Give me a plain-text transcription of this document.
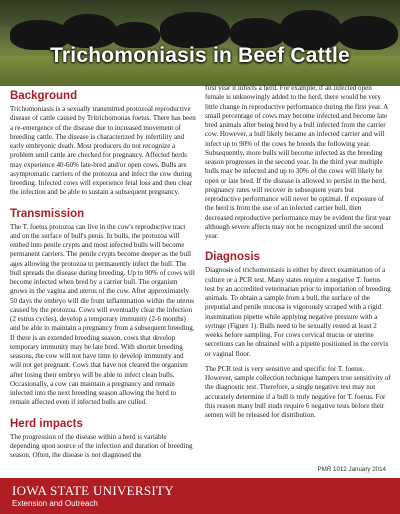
Trichomoniasis in Beef Cattle
Background

Trichomoniasis is a sexually transmitted protozoal reproductive disease of cattle caused by Tritrichomonas foetus. There has been a re-emergence of the disease due to increased movement of breeding cattle. The disease is characterized by infertility and early embryonic death. Most producers do not recognize a problem until cattle are checked for pregnancy. Affected herds may experience 40-60% late-bred and/or open cows. Bulls are asymptomatic carriers of the protozoa and infect the cow during breeding. Infected cows will experience fetal loss and then clear the infection and be able to sustain a subsequent pregnancy.

Transmission

The T. foetus protozoa can live in the cow's reproductive tract and on the surface of bull's penis. In bulls, the protozoa will embed into penile crypts and most infected bulls will become permanent carriers. The penile crypts become deeper as the bull ages allowing the protozoa to permanently infect the bull. The bull spreads the disease during breeding. Up to 90% of cows will become infected when bred by a carrier bull. The organism grows in the vagina and uterus of the cow. After approximately 50 days the embryo will die from inflammation within the uterus caused by the protozoa. Cows will eventually clear the infection (2 estrus cycles), develop a temporary immunity (2-6 months) and be able to maintain a pregnancy from a subsequent breeding. If there is an extended breeding season, cows that develop temporary immunity may be late bred. With shorter breeding seasons, the cow will not have time to develop immunity and will not get pregnant. Cows that have not cleared the organism after losing their embryo will be able to infect clean bulls. Occasionally, a cow can maintain a pregnancy and remain infected into the next breeding season allowing the herd to remain affected even if infected bulls are culled.

Herd impacts

The progression of the disease within a herd is variable depending upon source of the infection and duration of breeding season. Often, the disease is not diagnosed the

first year it infects a herd. For example, if an infected open female is unknowingly added to the herd, there would be very little change in reproductive performance during the first year. A small percentage of cows may become infected and become late bred animals after being bred by a bull infected from the carrier cow. However, a bull likely became an infected carrier and will infect up to 90% of the cows he breeds the following year. Subsequently, more bulls will become infected as the breeding season progresses in the second year. In the third year multiple bulls may be infected and up to 30% of the cows will likely be open or late bred. If the disease is allowed to persist in the herd, pregnancy rates will recover in subsequent years but reproductive performance will never be optimal. If exposure of the herd is from the use of an infected carrier bull, then decreased reproductive performance may be evident the first year although severe affects may not be recognized until the second year.

Diagnosis

Diagnosis of trichomoniasis is either by direct examination of a culture or a PCR test. Many states require a negative T. foetus test by an accredited veterinarian prior to importation of breeding animals. To obtain a sample from a bull, the surface of the preputial and penile mucosa is vigorously scraped with a rigid insemination pipette while applying negative pressure with a syringe (Figure 1). Bulls need to be sexually rested at least 2 weeks before sampling. For cows cervical mucus or uterine secretions can be obtained with a pipette positioned in the cervix or vaginal floor.

The PCR test is very sensitive and specific for T. foetus. However, sample collection technique hampers true sensitivity of the diagnostic test. Therefore, a single negative test may not accurately determine if a bull is truly negative for T. foetus. For this reason many bull studs require 6 negative tests before their semen will be released for distribution.

PMR 1012 January 2014
IOWA STATE UNIVERSITY
Extension and Outreach
